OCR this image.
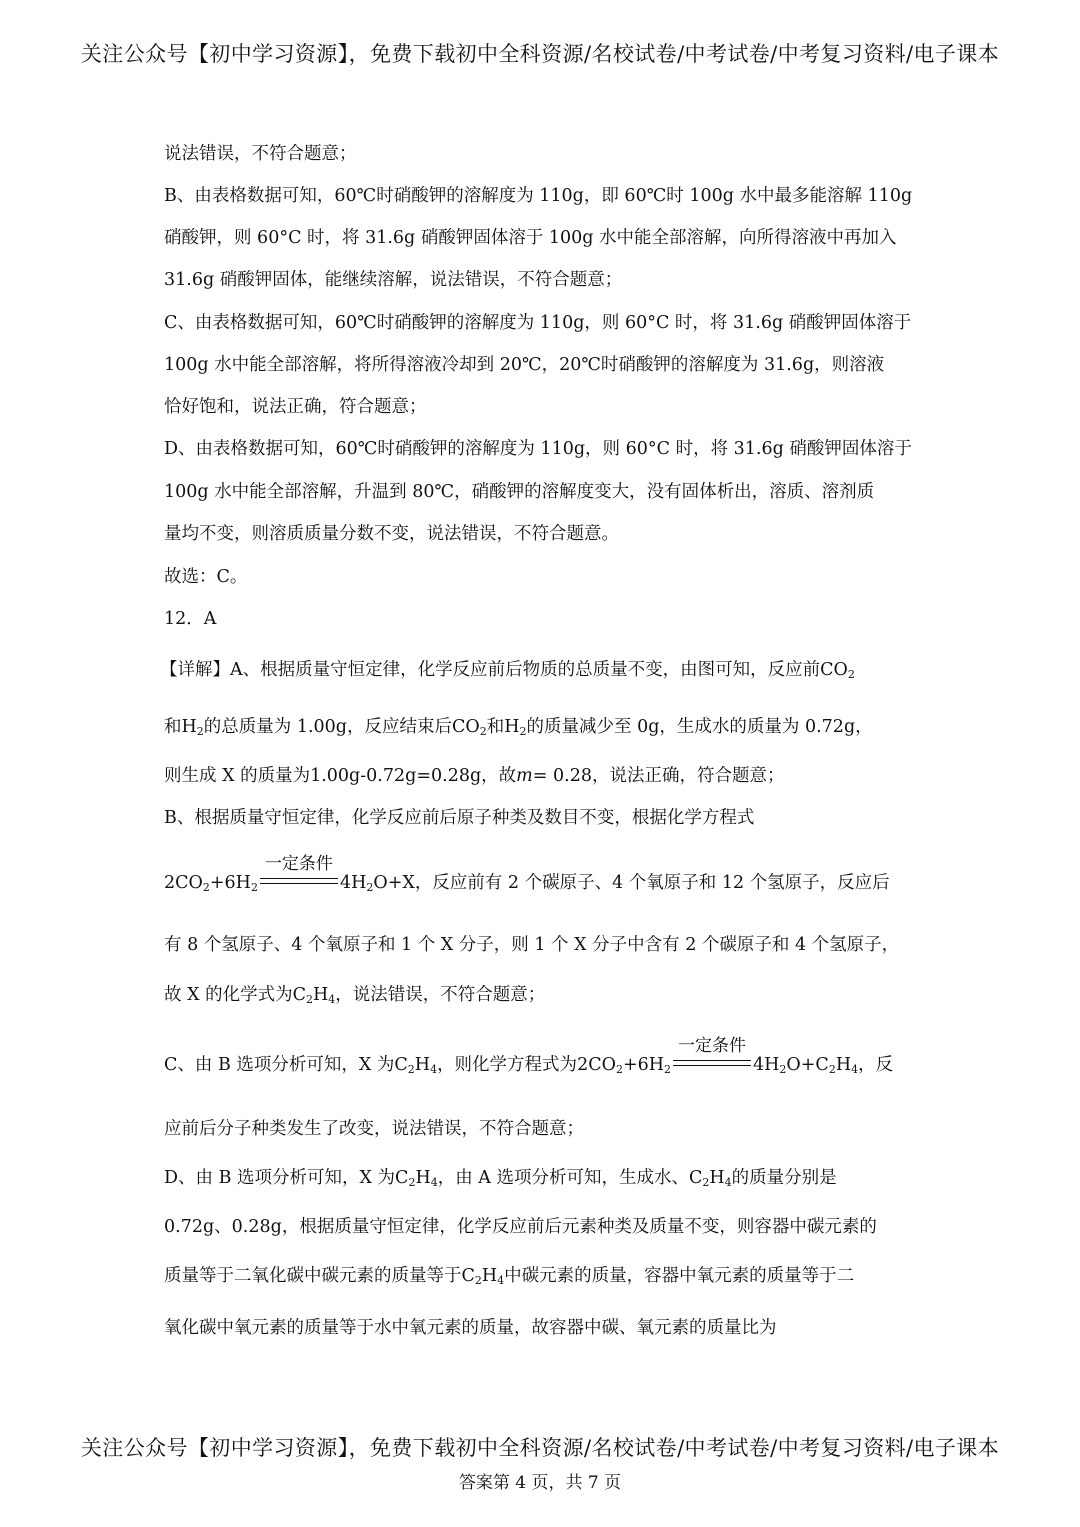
关注公众号【初中学习资源】，免费下载初中全科资源/名校试卷/中考试卷/中考复习资料/电子课本
说法错误，不符合题意；
B、由表格数据可知，60℃时硝酸钾的溶解度为 110g，即 60℃时 100g 水中最多能溶解 110g
硝酸钾，则 60°C 时，将 31.6g 硝酸钾固体溶于 100g 水中能全部溶解，向所得溶液中再加入
31.6g 硝酸钾固体，能继续溶解，说法错误，不符合题意；
C、由表格数据可知，60℃时硝酸钾的溶解度为 110g，则 60°C 时，将 31.6g 硝酸钾固体溶于
100g 水中能全部溶解，将所得溶液冷却到 20℃，20℃时硝酸钾的溶解度为 31.6g，则溶液
恰好饱和，说法正确，符合题意；
D、由表格数据可知，60℃时硝酸钾的溶解度为 110g，则 60°C 时，将 31.6g 硝酸钾固体溶于
100g 水中能全部溶解，升温到 80℃，硝酸钾的溶解度变大，没有固体析出，溶质、溶剂质
量均不变，则溶质质量分数不变，说法错误，不符合题意。
故选：C。
12．A
【详解】A、根据质量守恒定律，化学反应前后物质的总质量不变，由图可知，反应前$CO_2$
和$H_2$的总质量为 1.00g，反应结束后$CO_2$和$H_2$的质量减少至 0g，生成水的质量为 0.72g，
则生成 X 的质量为1.00g-0.72g=0.28g，故m= 0.28，说法正确，符合题意；
B、根据质量守恒定律，化学反应前后原子种类及数目不变，根据化学方程式
$2CO_2+6H_2$
一定条件
$4H_2O+X$，反应前有 2 个碳原子、4 个氧原子和 12 个氢原子，反应后
有 8 个氢原子、4 个氧原子和 1 个 X 分子，则 1 个 X 分子中含有 2 个碳原子和 4 个氢原子，
故 X 的化学式为$C_2H_4$，说法错误，不符合题意；
C、由 B 选项分析可知，X 为$C_2H_4$，则化学方程式为$2CO_2+6H_2$
一定条件
$4H_2O+C_2H_4$，反
应前后分子种类发生了改变，说法错误，不符合题意；
D、由 B 选项分析可知，X 为$C_2H_4$，由 A 选项分析可知，生成水、$C_2H_4$的质量分别是
0.72g、0.28g，根据质量守恒定律，化学反应前后元素种类及质量不变，则容器中碳元素的
质量等于二氧化碳中碳元素的质量等于$C_2H_4$中碳元素的质量，容器中氧元素的质量等于二
氧化碳中氧元素的质量等于水中氧元素的质量，故容器中碳、氧元素的质量比为
关注公众号【初中学习资源】，免费下载初中全科资源/名校试卷/中考试卷/中考复习资料/电子课本
答案第 4 页，共 7 页
